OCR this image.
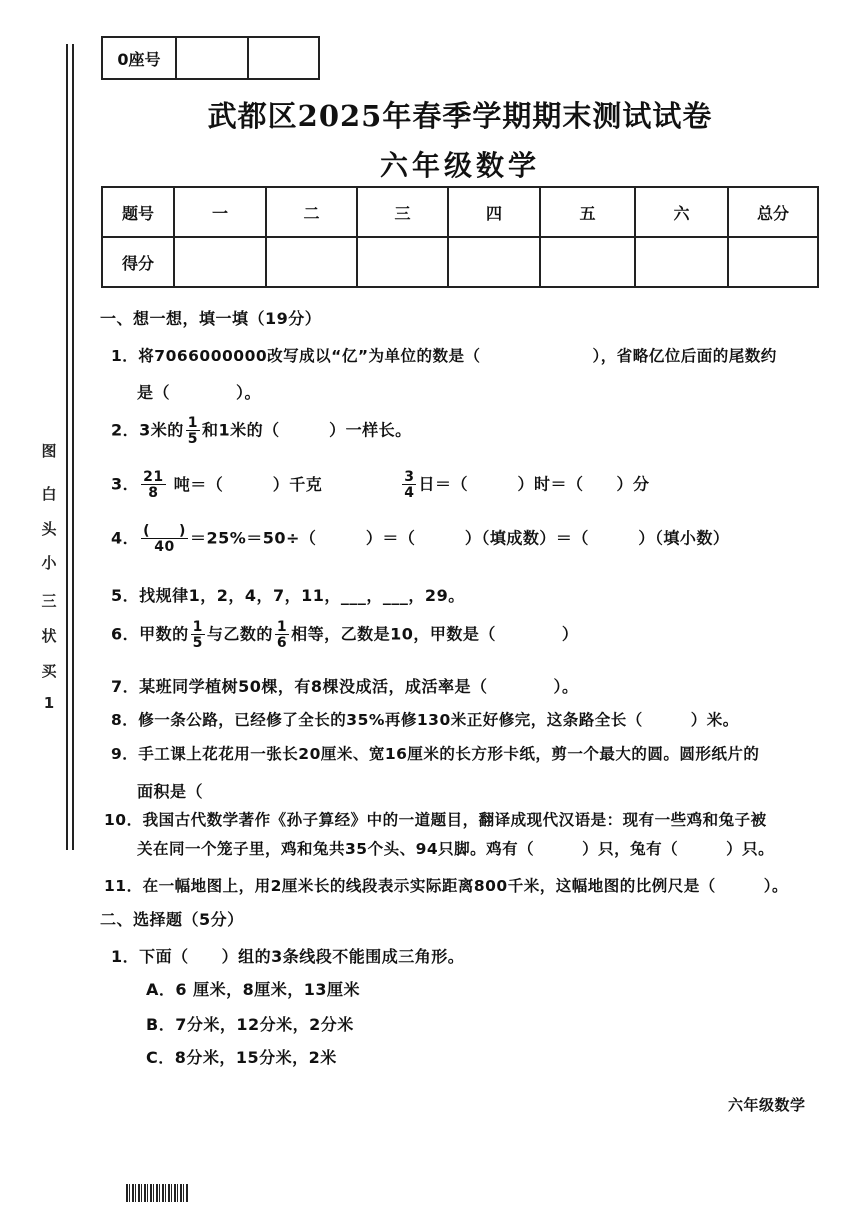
图
白
头
小
三
状
买
1
0座号
武都区2025年春季学期期末测试试卷
六年级数学
题号	一	二	三	四	五	六	总分
得分							
一、想一想，填一填（19分）
1．将7066000000改写成以“亿”为单位的数是（　　　　　　　），省略亿位后面的尾数约
是（　　　　）。
2．3米的 $\frac{1}{5}$ 和1米的（　　　）一样长。
3． $\frac{21}{8}$ 吨＝（　　　）千克	$\frac{3}{4}$ 日＝（　　　）时＝（　　）分
4． $\frac{( )}{40} =25\%=50\div$（　　　）＝（　　　）（填成数）＝（　　　）（填小数）
5．找规律1，2，4，7，11，___，___，29。
6．甲数的 $\frac{1}{5}$ 与乙数的 $\frac{1}{6}$ 相等，乙数是10，甲数是（　　　　）
7．某班同学植树50棵，有8棵没成活，成活率是（　　　　）。
8．修一条公路，已经修了全长的35%再修130米正好修完，这条路全长（　　　）米。
9．手工课上花花用一张长20厘米、宽16厘米的长方形卡纸，剪一个最大的圆。圆形纸片的
面积是（
10．我国古代数学著作《孙子算经》中的一道题目，翻译成现代汉语是：现有一些鸡和兔子被
关在同一个笼子里，鸡和兔共35个头、94只脚。鸡有（　　　）只，兔有（　　　）只。
11．在一幅地图上，用2厘米长的线段表示实际距离800千米，这幅地图的比例尺是（　　　）。
二、选择题（5分）
1．下面（　　）组的3条线段不能围成三角形。
A．6 厘米，8厘米，13厘米
B．7分米，12分米，2分米
C．8分米，15分米，2米
六年级数学
